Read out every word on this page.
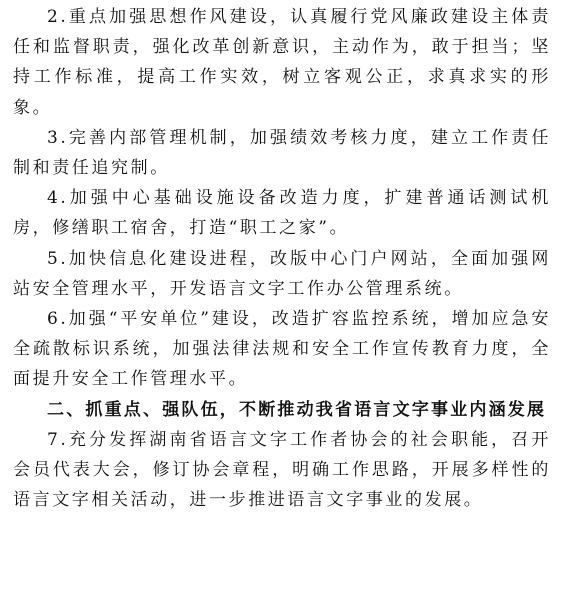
2.重点加强思想作风建设，认真履行党风廉政建设主体责任和监督职责，强化改革创新意识，主动作为，敢于担当；坚持工作标准，提高工作实效，树立客观公正，求真求实的形象。

3.完善内部管理机制，加强绩效考核力度，建立工作责任制和责任追究制。

4.加强中心基础设施设备改造力度，扩建普通话测试机房，修缮职工宿舍，打造“职工之家”。

5.加快信息化建设进程，改版中心门户网站，全面加强网站安全管理水平，开发语言文字工作办公管理系统。

6.加强“平安单位”建设，改造扩容监控系统，增加应急安全疏散标识系统，加强法律法规和安全工作宣传教育力度，全面提升安全工作管理水平。

二、抓重点、强队伍，不断推动我省语言文字事业内涵发展

7.充分发挥湖南省语言文字工作者协会的社会职能，召开会员代表大会，修订协会章程，明确工作思路，开展多样性的语言文字相关活动，进一步推进语言文字事业的发展。
